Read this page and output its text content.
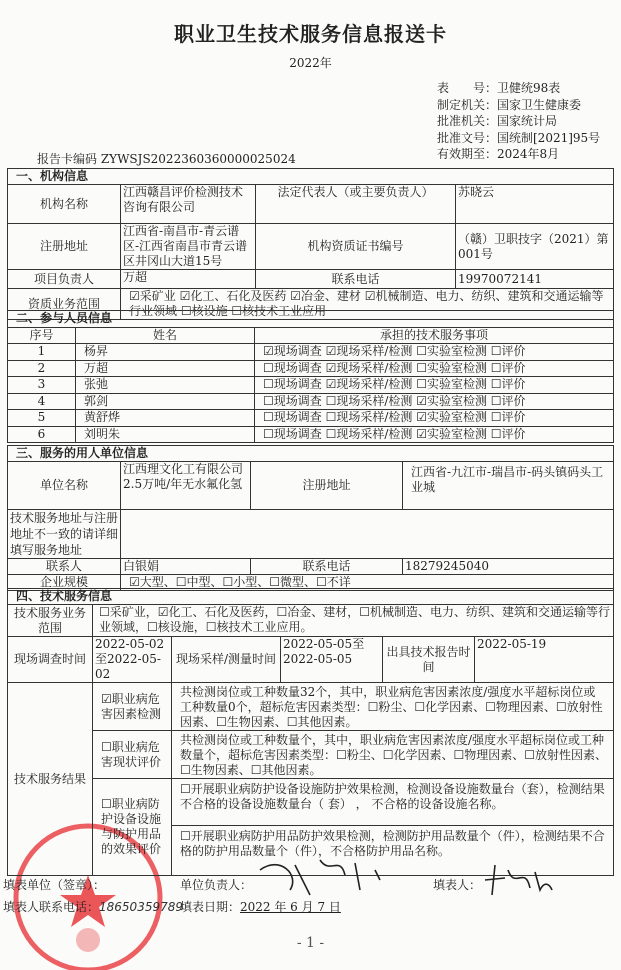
职业卫生技术服务信息报送卡
2022年
表　　号：卫健统98表
制定机关：国家卫生健康委
批准机关：国家统计局
批准文号：国统制[2021]95号
有效期至：2024年8月
报告卡编码 ZYWSJS2022360360000025024
一、机构信息			
机构名称	江西赣昌评价检测技术咨询有限公司	法定代表人（或主要负责人）	苏晓云
注册地址	江西省-南昌市-青云谱区-江西省南昌市青云谱区井冈山大道15号	机构资质证书编号	（赣）卫职技字（2021）第001号
项目负责人	万超	联系电话	19970072141
资质业务范围	☑采矿业 ☑化工、石化及医药 ☑冶金、建材 ☑机械制造、电力、纺织、建筑和交通运输等行业领域 ☐核设施 ☐核技术工业应用		
二、参与人员信息		
序号	姓名	承担的技术服务事项
1	杨昇	☑现场调查 ☑现场采样/检测 ☐实验室检测 ☐评价
2	万超	☐现场调查 ☑现场采样/检测 ☐实验室检测 ☐评价
3	张弛	☐现场调查 ☑现场采样/检测 ☐实验室检测 ☐评价
4	郭剑	☐现场调查 ☐现场采样/检测 ☑实验室检测 ☐评价
5	黄舒烨	☐现场调查 ☐现场采样/检测 ☑实验室检测 ☐评价
6	刘明朱	☐现场调查 ☐现场采样/检测 ☑实验室检测 ☐评价
三、服务的用人单位信息			
单位名称	江西理文化工有限公司2.5万吨/年无水氟化氢	注册地址	江西省-九江市-瑞昌市-码头镇码头工业城
技术服务地址与注册地址不一致的请详细填写服务地址			
联系人	白银娟	联系电话	18279245040
企业规模	☑大型、☐中型、☐小型、☐微型、☐不详		
四、技术服务信息					
技术服务业务范围	☐采矿业，☑化工、石化及医药，☐冶金、建材，☐机械制造、电力、纺织、建筑和交通运输等行业领域，☐核设施，☐核技术工业应用。				
现场调查时间	2022-05-02至2022-05-02	现场采样/测量时间	2022-05-05至2022-05-05	出具技术报告时间	2022-05-19
技术服务结果	☑职业病危害因素检测	共检测岗位或工种数量32个，其中，职业病危害因素浓度/强度水平超标岗位或工种数量0个，超标危害因素类型：☐粉尘、☐化学因素、☐物理因素、☐放射性因素、☐生物因素、☐其他因素。			
	☐职业病危害现状评价	共检测岗位或工种数量个，其中，职业病危害因素浓度/强度水平超标岗位或工种数量个，超标危害因素类型：☐粉尘、☐化学因素、☐物理因素、☐放射性因素、☐生物因素、☐其他因素。			
	☐职业病防护设备设施与防护用品的效果评价	☐开展职业病防护设备设施防护效果检测，检测设备设施数量台（套），检测结果不合格的设备设施数量台（ 套） ， 不合格的设备设施名称。			
		☐开展职业病防护用品防护效果检测，检测防护用品数量个（件），检测结果不合格的防护用品数量个（件），不合格防护用品名称。			
填表单位（签章）：	单位负责人：	填表人：
填表人联系电话：18650359789
填表日期：2022 年 6 月 7 日
- 1 -
